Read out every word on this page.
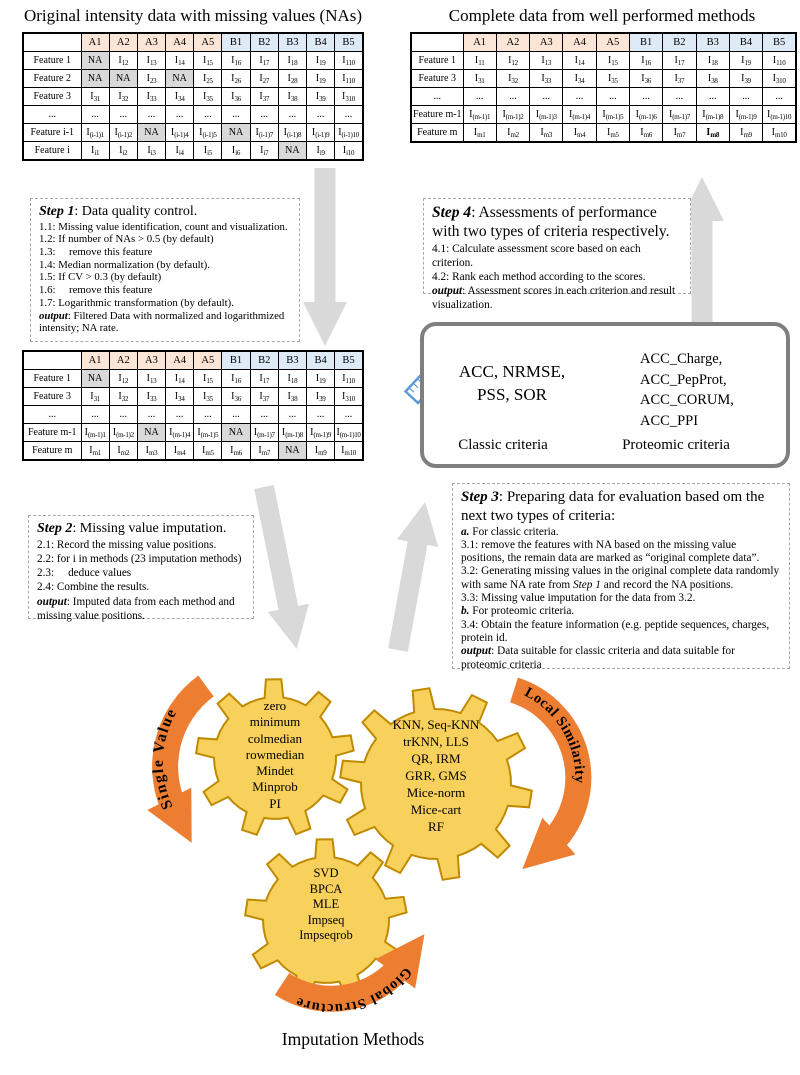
Single Value
Local Similarity
Global Structure
Original intensity data with missing values (NAs)	Complete data from well performed methods
	A1	A2	A3	A4	A5	B1	B2	B3	B4	B5
Feature 1	NA	$I_{12}$	$I_{13}$	$I_{14}$	$I_{15}$	$I_{16}$	$I_{17}$	$I_{18}$	$I_{19}$	$I_{110}$
Feature 2	NA	NA	$I_{23}$	NA	$I_{25}$	$I_{26}$	$I_{27}$	$I_{28}$	$I_{19}$	$I_{110}$
Feature 3	$I_{31}$	$I_{32}$	$I_{33}$	$I_{34}$	$I_{35}$	$I_{36}$	$I_{37}$	$I_{38}$	$I_{39}$	$I_{310}$
...	...	...	...	...	...	...	...	...	...	...
Feature i-1	$I_{(i-1)1}$	$I_{(i-1)2}$	NA	$I_{(i-1)4}$	$I_{(i-1)5}$	NA	$I_{(i-1)7}$	$I_{(i-1)8}$	$I_{(i-1)9}$	$I_{(i-1)10}$
Feature i	$I_{i1}$	$I_{i2}$	$I_{i3}$	$I_{i4}$	$I_{i5}$	$I_{i6}$	$I_{i7}$	NA	$I_{i9}$	$I_{i10}$
	A1	A2	A3	A4	A5	B1	B2	B3	B4	B5
Feature 1	$I_{11}$	$I_{12}$	$I_{13}$	$I_{14}$	$I_{15}$	$I_{16}$	$I_{17}$	$I_{18}$	$I_{19}$	$I_{110}$
Feature 3	$I_{31}$	$I_{32}$	$I_{33}$	$I_{34}$	$I_{35}$	$I_{36}$	$I_{37}$	$I_{38}$	$I_{39}$	$I_{310}$
...	...	...	...	...	...	...	...	...	...	...
Feature m-1	$I_{(m-1)1}$	$I_{(m-1)2}$	$I_{(m-1)3}$	$I_{(m-1)4}$	$I_{(m-1)5}$	$I_{(m-1)6}$	$I_{(m-1)7}$	$I_{(m-1)8}$	$I_{(m-1)9}$	$I_{(m-1)10}$
Feature m	$I_{m1}$	$I_{m2}$	$I_{m3}$	$I_{m4}$	$I_{m5}$	$I_{m6}$	$I_{m7}$	$I_{m8}$	$I_{m9}$	$I_{m10}$
	A1	A2	A3	A4	A5	B1	B2	B3	B4	B5
Feature 1	NA	$I_{12}$	$I_{13}$	$I_{14}$	$I_{15}$	$I_{16}$	$I_{17}$	$I_{18}$	$I_{19}$	$I_{110}$
Feature 3	$I_{31}$	$I_{32}$	$I_{33}$	$I_{34}$	$I_{35}$	$I_{36}$	$I_{37}$	$I_{38}$	$I_{39}$	$I_{310}$
...	...	...	...	...	...	...	...	...	...	...
Feature m-1	$I_{(m-1)1}$	$I_{(m-1)2}$	NA	$I_{(m-1)4}$	$I_{(m-1)5}$	NA	$I_{(m-1)7}$	$I_{(m-1)8}$	$I_{(m-1)9}$	$I_{(m-1)10}$
Feature m	$I_{m1}$	$I_{m2}$	$I_{m3}$	$I_{m4}$	$I_{m5}$	$I_{m6}$	$I_{m7}$	NA	$I_{m9}$	$I_{m10}$
Step 1: Data quality control.
1.1: Missing value identification, count and visualization.
1.2: If number of NAs > 0.5 (by default)
1.3:     remove this feature
1.4: Median normalization (by default).
1.5: If CV > 0.3 (by default)
1.6:     remove this feature
1.7: Logarithmic transformation (by default).
output: Filtered Data with normalized and logarithmized intensity; NA rate.
Step 4: Assessments of performance with two types of criteria respectively.
4.1: Calculate assessment score based on each criterion.
4.2: Rank each method according to the scores.
output: Assessment scores in each criterion and result visualization.
Step 2: Missing value imputation.
2.1: Record the missing value positions.
2.2: for i in methods (23 imputation methods)
2.3:     deduce values
2.4: Combine the results.
output: Imputed data from each method and missing value positions.
Step 3: Preparing data for evaluation based om the next two types of criteria:
a. For classic criteria.
3.1: remove the features with NA based on the missing value positions, the remain data are marked as “original complete data”.
3.2: Generating missing values in the original complete data randomly with same NA rate from Step 1 and record the NA positions.
3.3: Missing value imputation for the data from 3.2.
b. For proteomic criteria.
3.4: Obtain the feature information (e.g. peptide sequences, charges, protein id.
output: Data suitable for classic criteria and data suitable for proteomic criteria
ACC, NRMSE,
PSS, SOR
ACC_Charge,
ACC_PepProt,
ACC_CORUM,
ACC_PPI
Classic criteria	Proteomic criteria
zero
minimum
colmedian
rowmedian
Mindet
Minprob
PI
KNN, Seq-KNN
trKNN, LLS
QR, IRM
GRR, GMS
Mice-norm
Mice-cart
RF
SVD
BPCA
MLE
Impseq
Impseqrob
Imputation Methods
